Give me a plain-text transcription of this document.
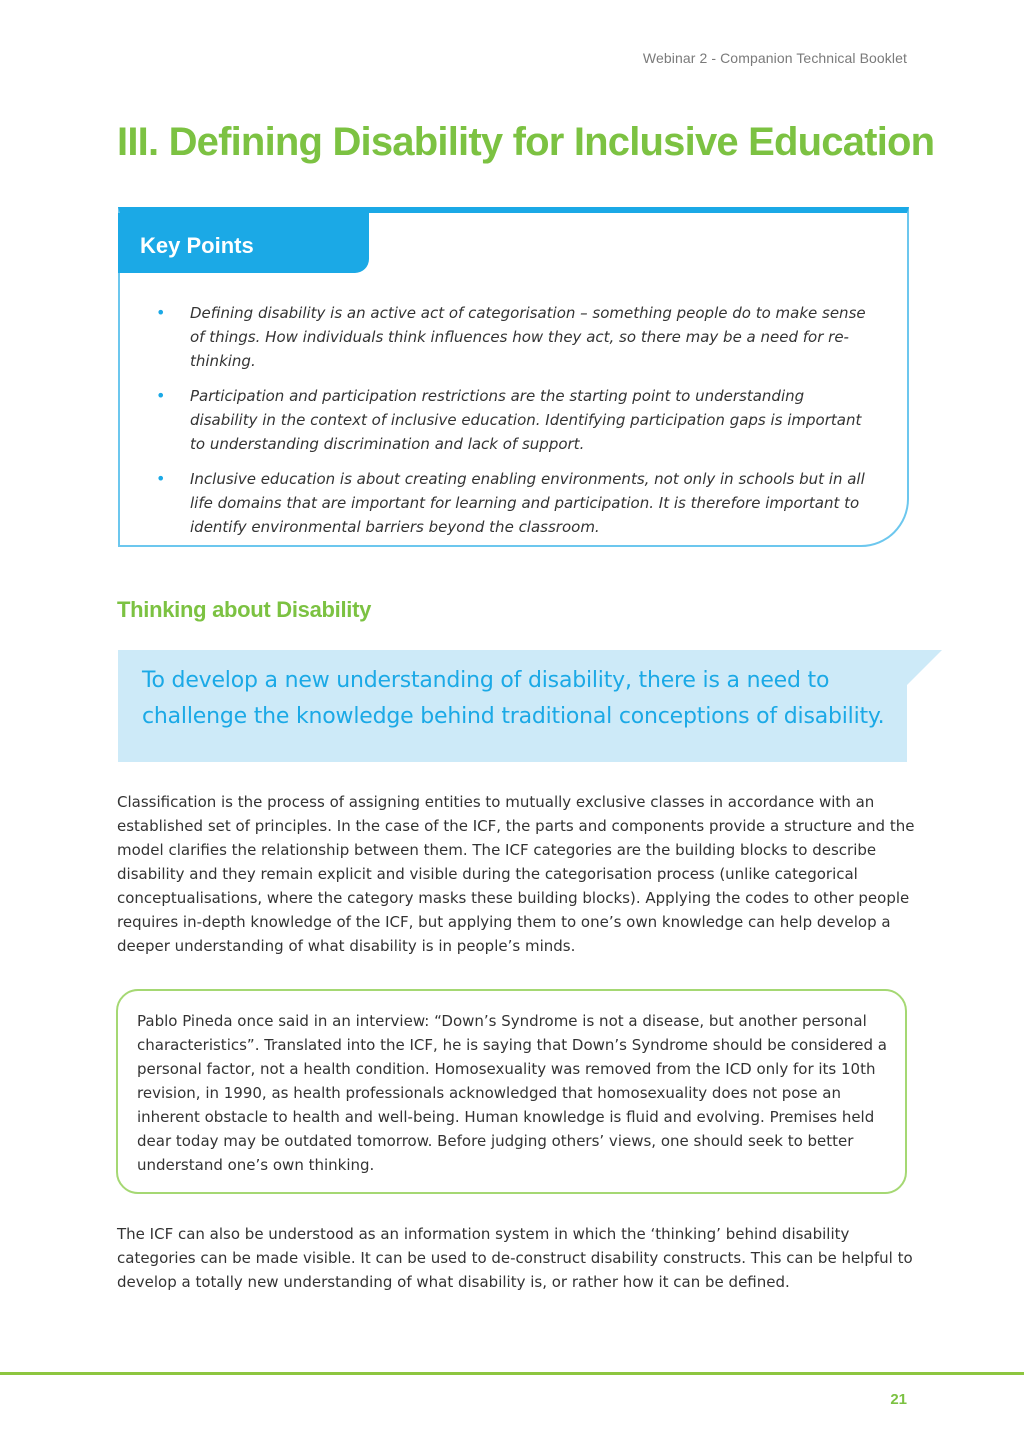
Webinar 2 - Companion Technical Booklet
III. Defining Disability for Inclusive Education
Key Points
• Defining disability is an active act of categorisation – something people do to make sense of things. How individuals think influences how they act, so there may be a need for re-thinking.
• Participation and participation restrictions are the starting point to understanding disability in the context of inclusive education. Identifying participation gaps is important to understanding discrimination and lack of support.
• Inclusive education is about creating enabling environments, not only in schools but in all life domains that are important for learning and participation. It is therefore important to identify environmental barriers beyond the classroom.
Thinking about Disability

To develop a new understanding of disability, there is a need to challenge the knowledge behind traditional conceptions of disability.

Classification is the process of assigning entities to mutually exclusive classes in accordance with an established set of principles. In the case of the ICF, the parts and components provide a structure and the model clarifies the relationship between them. The ICF categories are the building blocks to describe disability and they remain explicit and visible during the categorisation process (unlike categorical conceptualisations, where the category masks these building blocks). Applying the codes to other people requires in-depth knowledge of the ICF, but applying them to one’s own knowledge can help develop a deeper understanding of what disability is in people’s minds.

Pablo Pineda once said in an interview: “Down’s Syndrome is not a disease, but another personal characteristics”. Translated into the ICF, he is saying that Down’s Syndrome should be considered a personal factor, not a health condition. Homosexuality was removed from the ICD only for its 10th revision, in 1990, as health professionals acknowledged that homosexuality does not pose an inherent obstacle to health and well-being. Human knowledge is fluid and evolving. Premises held dear today may be outdated tomorrow. Before judging others’ views, one should seek to better understand one’s own thinking.

The ICF can also be understood as an information system in which the ‘thinking’ behind disability categories can be made visible. It can be used to de-construct disability constructs. This can be helpful to develop a totally new understanding of what disability is, or rather how it can be defined.

21
